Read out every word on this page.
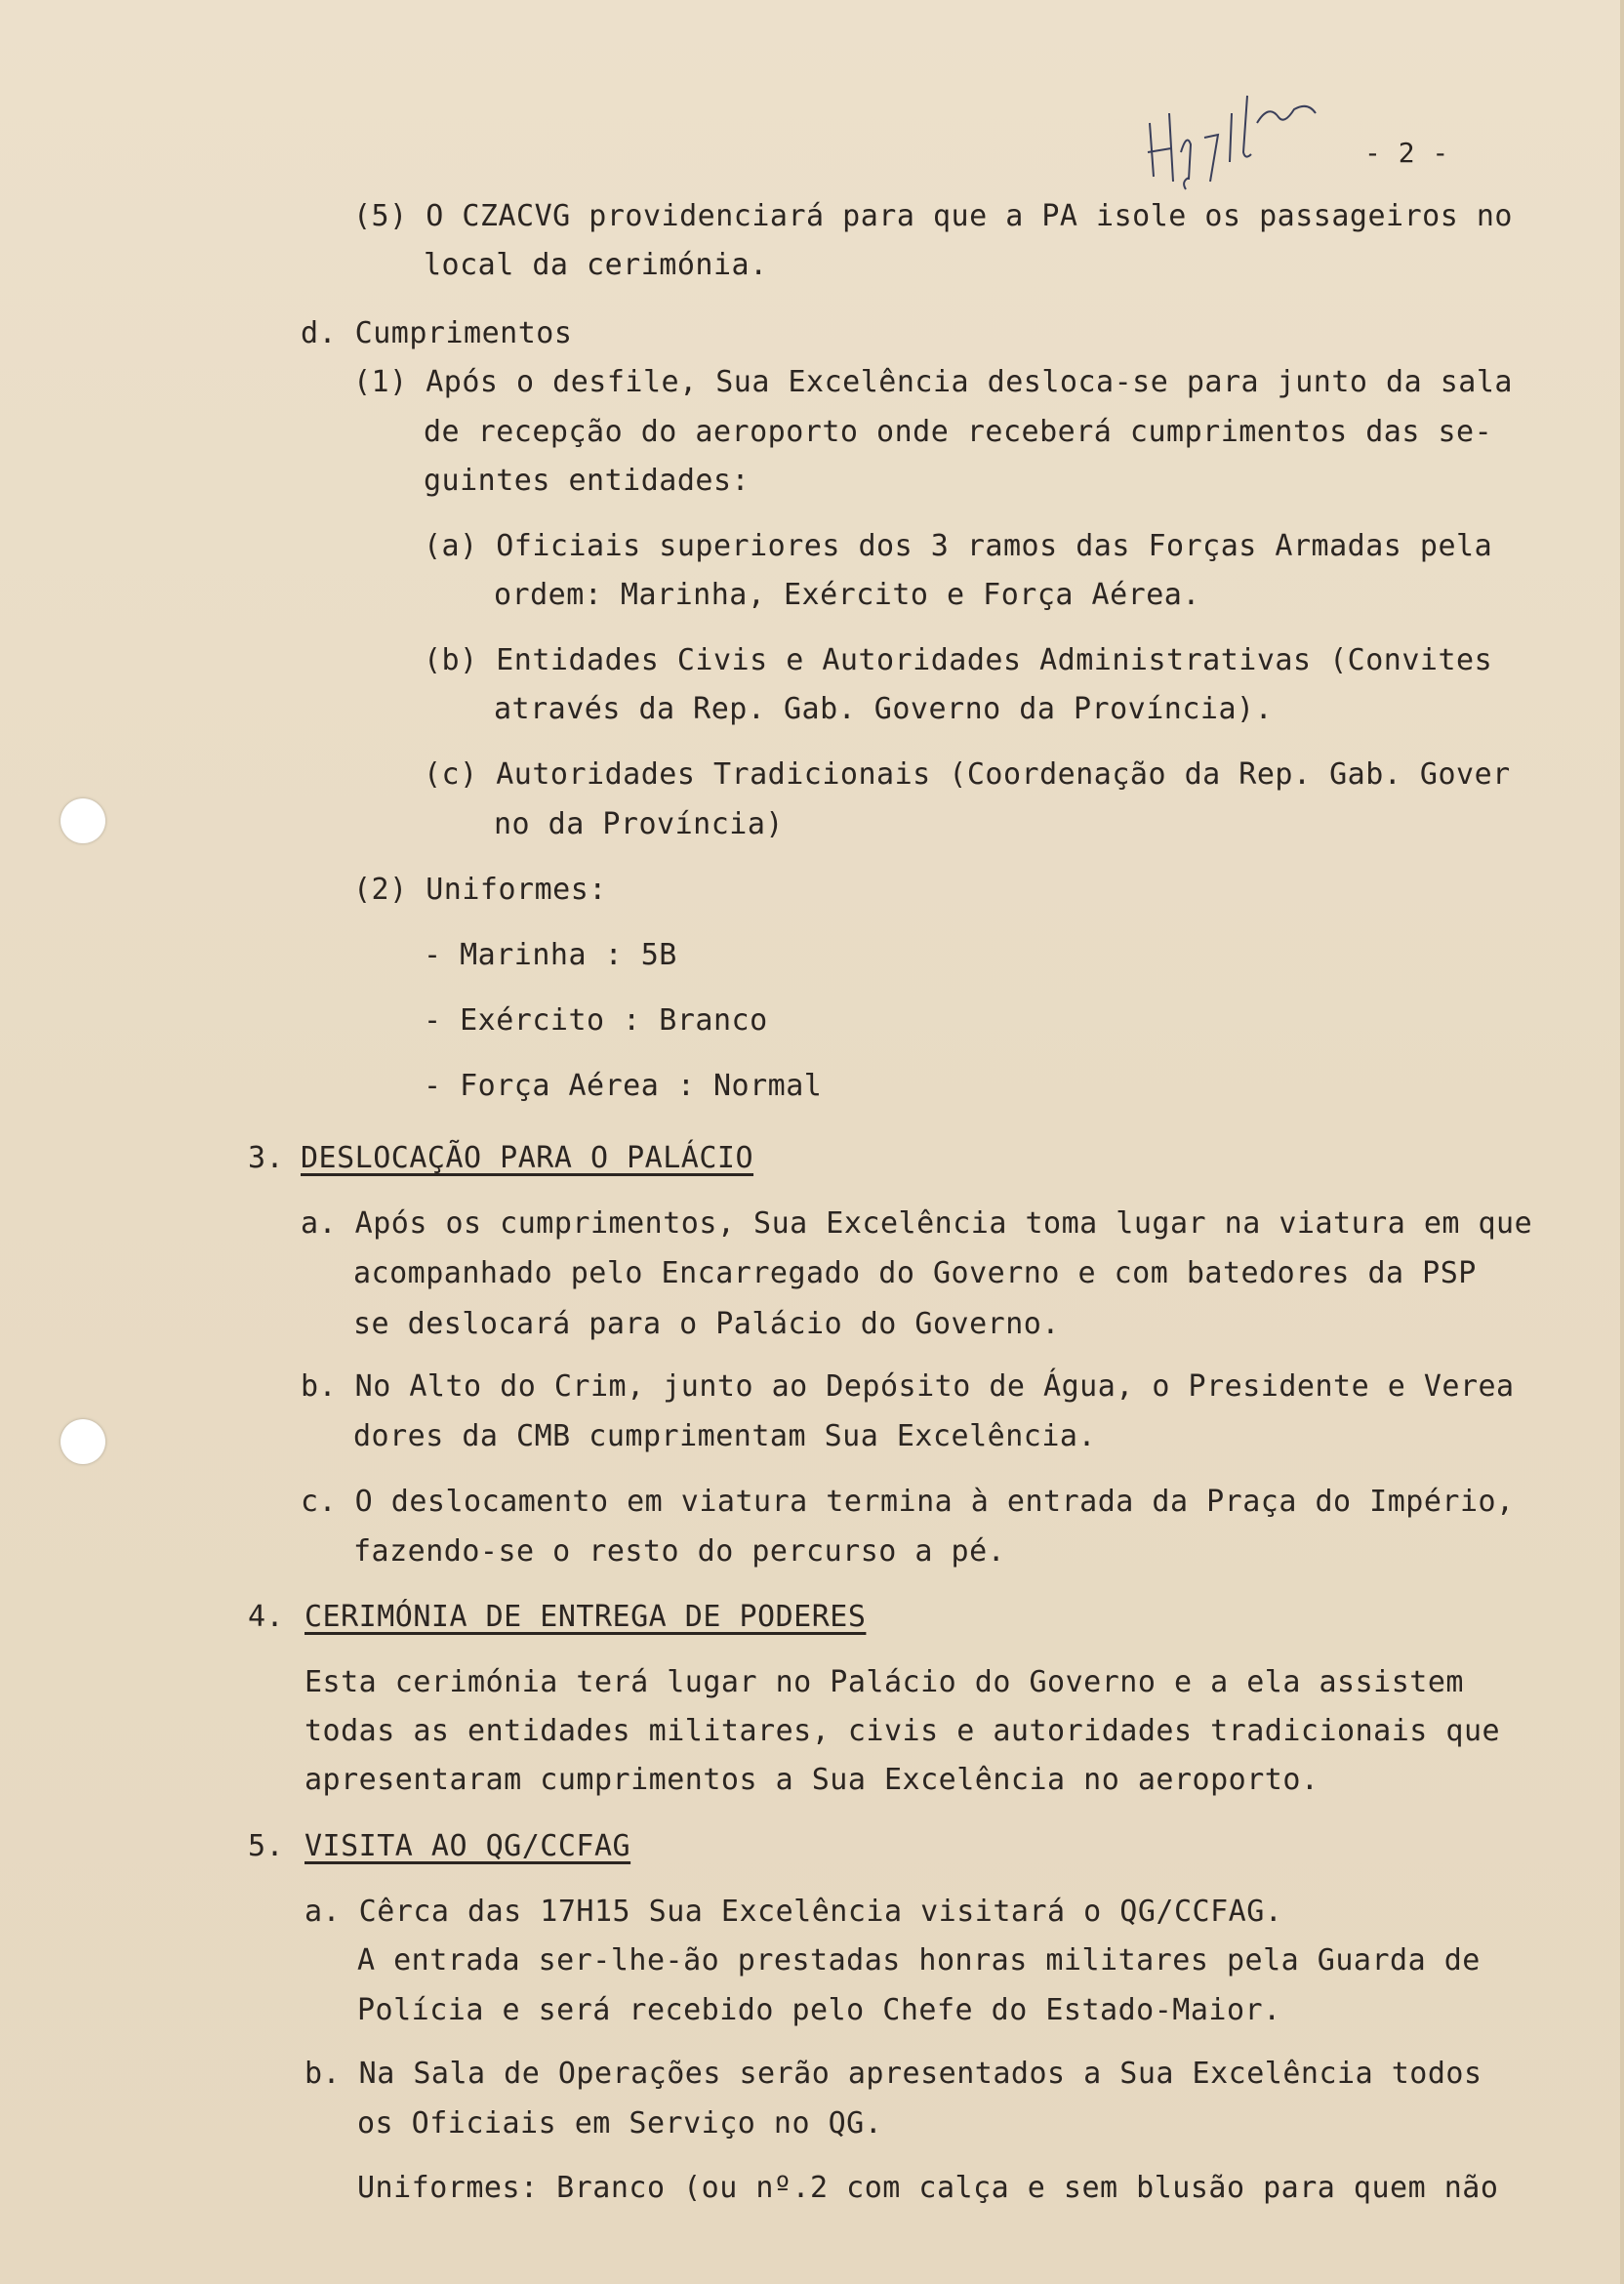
- 2 -
(5) O CZACVG providenciará para que a PA isole os passageiros no
local da cerimónia.
d. Cumprimentos
(1) Após o desfile, Sua Excelência desloca-se para junto da sala
de recepção do aeroporto onde receberá cumprimentos das se-
guintes entidades:
(a) Oficiais superiores dos 3 ramos das Forças Armadas pela
ordem: Marinha, Exército e Força Aérea.
(b) Entidades Civis e Autoridades Administrativas (Convites
através da Rep. Gab. Governo da Província).
(c) Autoridades Tradicionais (Coordenação da Rep. Gab. Gover
no da Província)
(2) Uniformes:
- Marinha : 5B
- Exército : Branco
- Força Aérea : Normal
3. DESLOCAÇÃO PARA O PALÁCIO
a. Após os cumprimentos, Sua Excelência toma lugar na viatura em que
acompanhado pelo Encarregado do Governo e com batedores da PSP
se deslocará para o Palácio do Governo.
b. No Alto do Crim, junto ao Depósito de Água, o Presidente e Verea
dores da CMB cumprimentam Sua Excelência.
c. O deslocamento em viatura termina à entrada da Praça do Império,
fazendo-se o resto do percurso a pé.
4. CERIMÓNIA DE ENTREGA DE PODERES
Esta cerimónia terá lugar no Palácio do Governo e a ela assistem
todas as entidades militares, civis e autoridades tradicionais que
apresentaram cumprimentos a Sua Excelência no aeroporto.
5. VISITA AO QG/CCFAG
a. Cêrca das 17H15 Sua Excelência visitará o QG/CCFAG.
A entrada ser-lhe-ão prestadas honras militares pela Guarda de
Polícia e será recebido pelo Chefe do Estado-Maior.
b. Na Sala de Operações serão apresentados a Sua Excelência todos
os Oficiais em Serviço no QG.
Uniformes: Branco (ou nº.2 com calça e sem blusão para quem não
